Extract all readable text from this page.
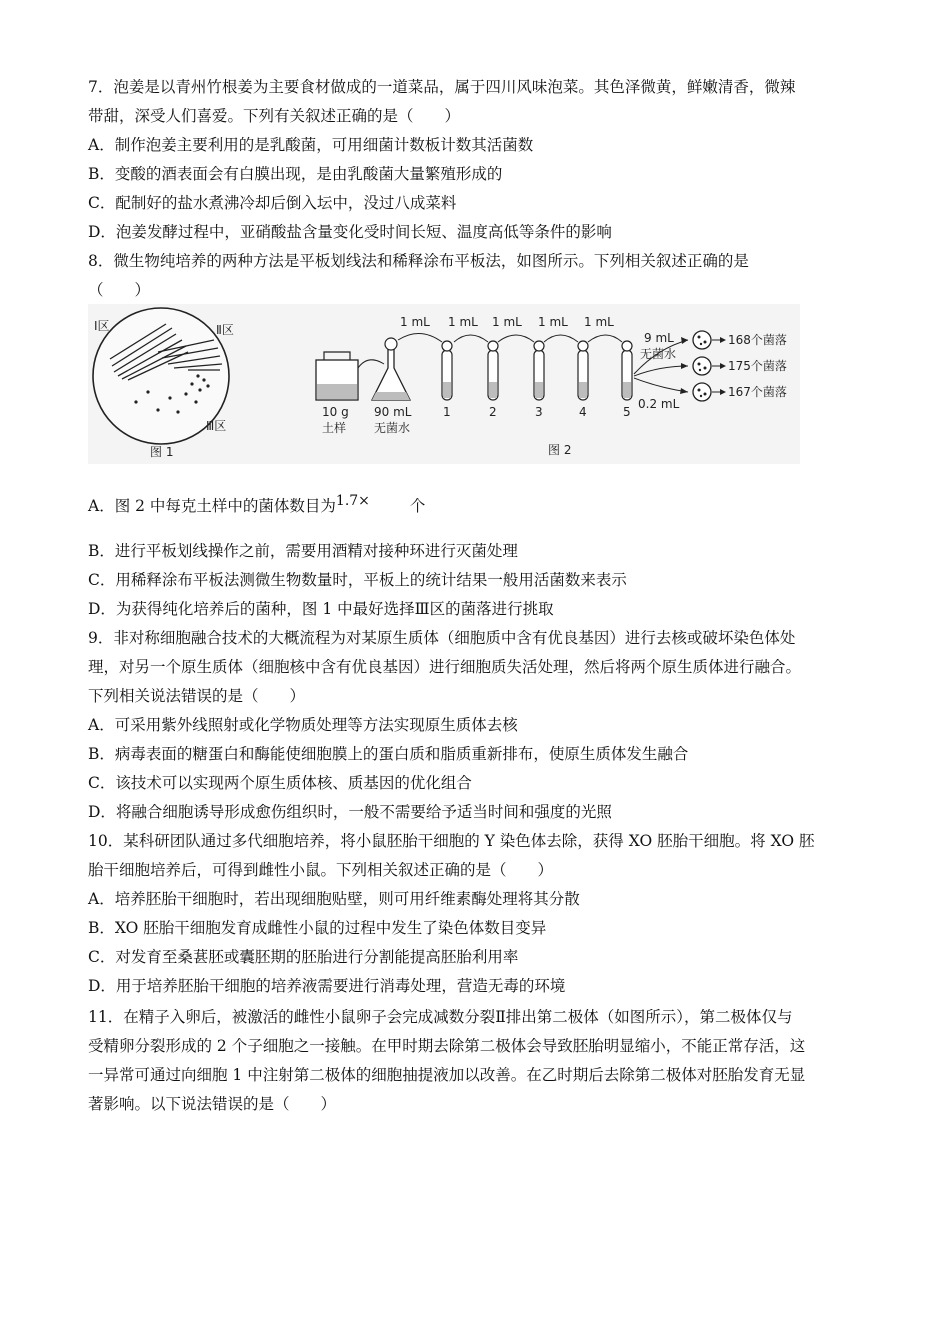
7．泡姜是以青州竹根姜为主要食材做成的一道菜品，属于四川风味泡菜。其色泽微黄，鲜嫩清香，微辣
带甜，深受人们喜爱。下列有关叙述正确的是（　　）
A．制作泡姜主要利用的是乳酸菌，可用细菌计数板计数其活菌数
B．变酸的酒表面会有白膜出现，是由乳酸菌大量繁殖形成的
C．配制好的盐水煮沸冷却后倒入坛中，没过八成菜料
D．泡姜发酵过程中，亚硝酸盐含量变化受时间长短、温度高低等条件的影响
8．微生物纯培养的两种方法是平板划线法和稀释涂布平板法，如图所示。下列相关叙述正确的是
（　　）
Ⅰ区	Ⅱ区
Ⅲ区
图 1
10 g
土样
90 mL
无菌水
1 mL 1 mL 1 mL 1 mL 1 mL
1	2	3	4	5
9 mL
无菌水
0.2 mL
168个菌落
175个菌落
167个菌落
图 2
A．图 2 中每克土样中的菌体数目为1.7×	个
B．进行平板划线操作之前，需要用酒精对接种环进行灭菌处理
C．用稀释涂布平板法测微生物数量时，平板上的统计结果一般用活菌数来表示
D．为获得纯化培养后的菌种，图 1 中最好选择Ⅲ区的菌落进行挑取
9．非对称细胞融合技术的大概流程为对某原生质体（细胞质中含有优良基因）进行去核或破坏染色体处
理，对另一个原生质体（细胞核中含有优良基因）进行细胞质失活处理，然后将两个原生质体进行融合。
下列相关说法错误的是（　　）
A．可采用紫外线照射或化学物质处理等方法实现原生质体去核
B．病毒表面的糖蛋白和酶能使细胞膜上的蛋白质和脂质重新排布，使原生质体发生融合
C．该技术可以实现两个原生质体核、质基因的优化组合
D．将融合细胞诱导形成愈伤组织时，一般不需要给予适当时间和强度的光照
10．某科研团队通过多代细胞培养，将小鼠胚胎干细胞的 Y 染色体去除，获得 XO 胚胎干细胞。将 XO 胚
胎干细胞培养后，可得到雌性小鼠。下列相关叙述正确的是（　　）
A．培养胚胎干细胞时，若出现细胞贴壁，则可用纤维素酶处理将其分散
B．XO 胚胎干细胞发育成雌性小鼠的过程中发生了染色体数目变异
C．对发育至桑葚胚或囊胚期的胚胎进行分割能提高胚胎利用率
D．用于培养胚胎干细胞的培养液需要进行消毒处理，营造无毒的环境
11．在精子入卵后，被激活的雌性小鼠卵子会完成减数分裂Ⅱ排出第二极体（如图所示），第二极体仅与
受精卵分裂形成的 2 个子细胞之一接触。在甲时期去除第二极体会导致胚胎明显缩小，不能正常存活，这
一异常可通过向细胞 1 中注射第二极体的细胞抽提液加以改善。在乙时期后去除第二极体对胚胎发育无显
著影响。以下说法错误的是（　　）
